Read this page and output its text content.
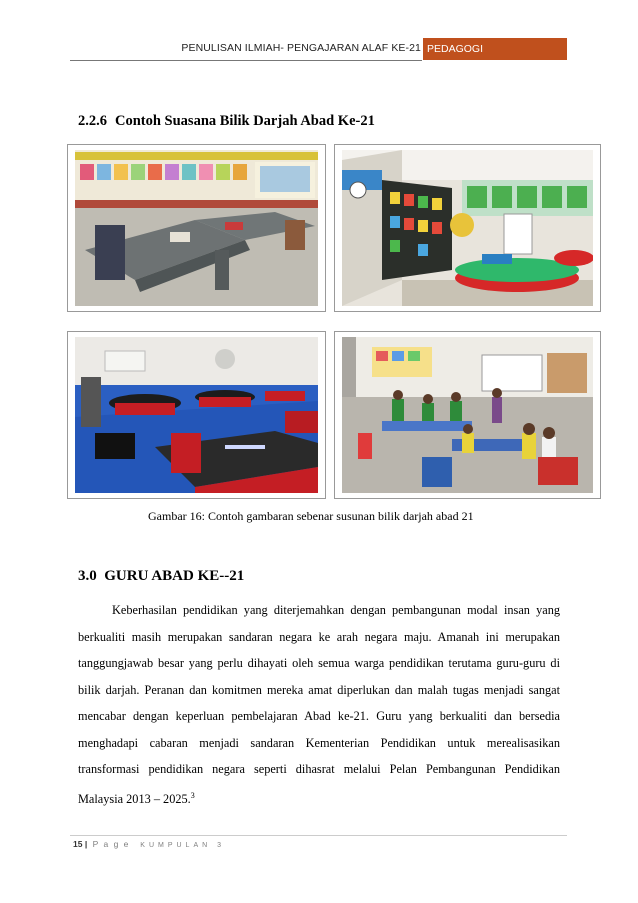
PENULISAN ILMIAH- PENGAJARAN ALAF KE-21 PEDAGOGI
2.2.6 Contoh Suasana Bilik Darjah Abad Ke-21
Gambar 16: Contoh gambaran sebenar susunan bilik darjah abad 21
3.0 GURU ABAD KE--21

Keberhasilan pendidikan yang diterjemahkan dengan pembangunan modal insan yang berkualiti masih merupakan sandaran negara ke arah negara maju. Amanah ini merupakan tanggungjawab besar yang perlu dihayati oleh semua warga pendidikan terutama guru-guru di bilik darjah. Peranan dan komitmen mereka amat diperlukan dan malah tugas menjadi sangat mencabar dengan keperluan pembelajaran Abad ke-21. Guru yang berkualiti dan bersedia menghadapi cabaran menjadi sandaran Kementerian Pendidikan untuk merealisasikan transformasi pendidikan negara seperti dihasrat melalui Pelan Pembangunan Pendidikan Malaysia 2013 – 2025.$^3$

15 | P a g e KUMPULAN 3
